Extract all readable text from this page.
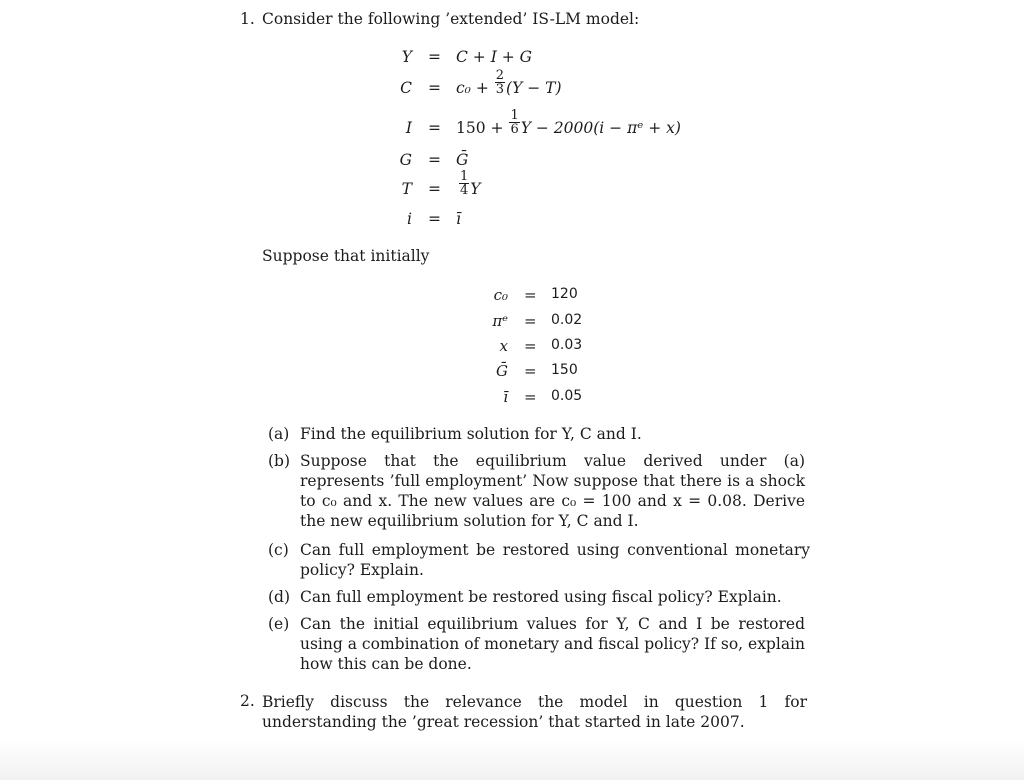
1. Consider the following ’extended’ IS-LM model:
Y = C + I + G
$C = c_0 + \frac{2}{3} (Y - T)$
$I = 150 + \frac{1}{6}$ Y − 2000(i − πᵉ + x)
G = Ḡ
$T = \frac{1}{4}$ Y
i = ī
Suppose that initially
c₀ = 120
πᵉ = 0.02
x = 0.03
Ḡ = 150
ī = 0.05
(a) Find the equilibrium solution for Y, C and I.
(b) Suppose that the equilibrium value derived under (a) represents ’full employment’ Now suppose that there is a shock to c₀ and x. The new values are c₀ = 100 and x = 0.08. Derive the new equilibrium solution for Y, C and I.
(c) Can full employment be restored using conventional monetary policy? Explain.
(d) Can full employment be restored using fiscal policy? Explain.
(e) Can the initial equilibrium values for Y, C and I be restored using a combination of monetary and fiscal policy? If so, explain how this can be done.
2. Briefly discuss the relevance the model in question 1 for understanding the ’great recession’ that started in late 2007.
